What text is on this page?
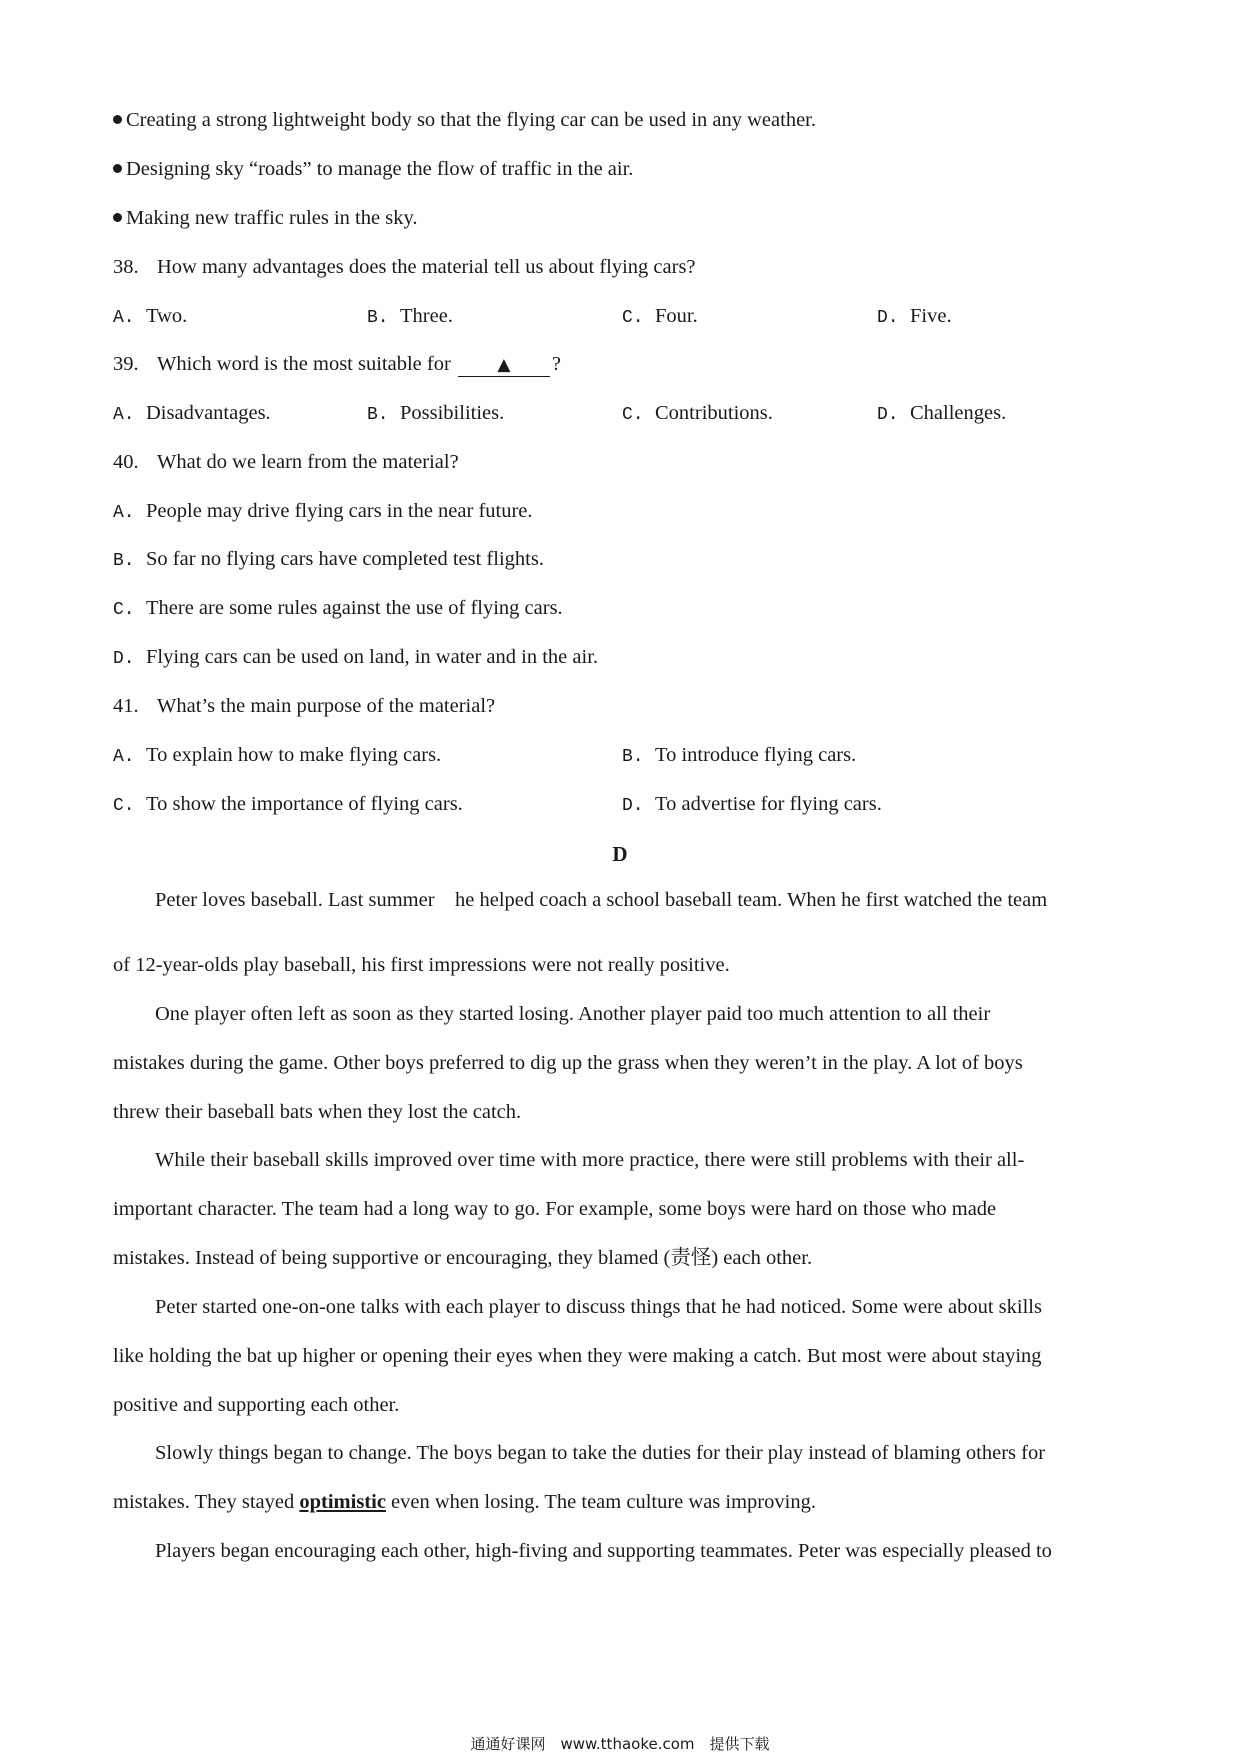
Creating a strong lightweight body so that the flying car can be used in any weather.
Designing sky “roads” to manage the flow of traffic in the air.
Making new traffic rules in the sky.
38. How many advantages does the material tell us about flying cars?
A. Two.	B. Three.	C. Four.	D. Five.
39. Which word is the most suitable for	▲ ?
A. Disadvantages.	B. Possibilities.	C. Contributions.	D. Challenges.
40. What do we learn from the material?
A. People may drive flying cars in the near future.
B. So far no flying cars have completed test flights.
C. There are some rules against the use of flying cars.
D. Flying cars can be used on land, in water and in the air.
41. What’s the main purpose of the material?
A. To explain how to make flying cars.	B. To introduce flying cars.
C. To show the importance of flying cars.	D. To advertise for flying cars.
D
Peter loves baseball. Last summer　he helped coach a school baseball team. When he first watched the team
of 12-year-olds play baseball, his first impressions were not really positive.
One player often left as soon as they started losing. Another player paid too much attention to all their
mistakes during the game. Other boys preferred to dig up the grass when they weren’t in the play. A lot of boys
threw their baseball bats when they lost the catch.
While their baseball skills improved over time with more practice, there were still problems with their all-
important character. The team had a long way to go. For example, some boys were hard on those who made
mistakes. Instead of being supportive or encouraging, they blamed (责怪) each other.
Peter started one-on-one talks with each player to discuss things that he had noticed. Some were about skills
like holding the bat up higher or opening their eyes when they were making a catch. But most were about staying
positive and supporting each other.
Slowly things began to change. The boys began to take the duties for their play instead of blaming others for
mistakes. They stayed optimistic even when losing. The team culture was improving.
Players began encouraging each other, high-fiving and supporting teammates. Peter was especially pleased to
通通好课网　www.tthaoke.com　提供下载
